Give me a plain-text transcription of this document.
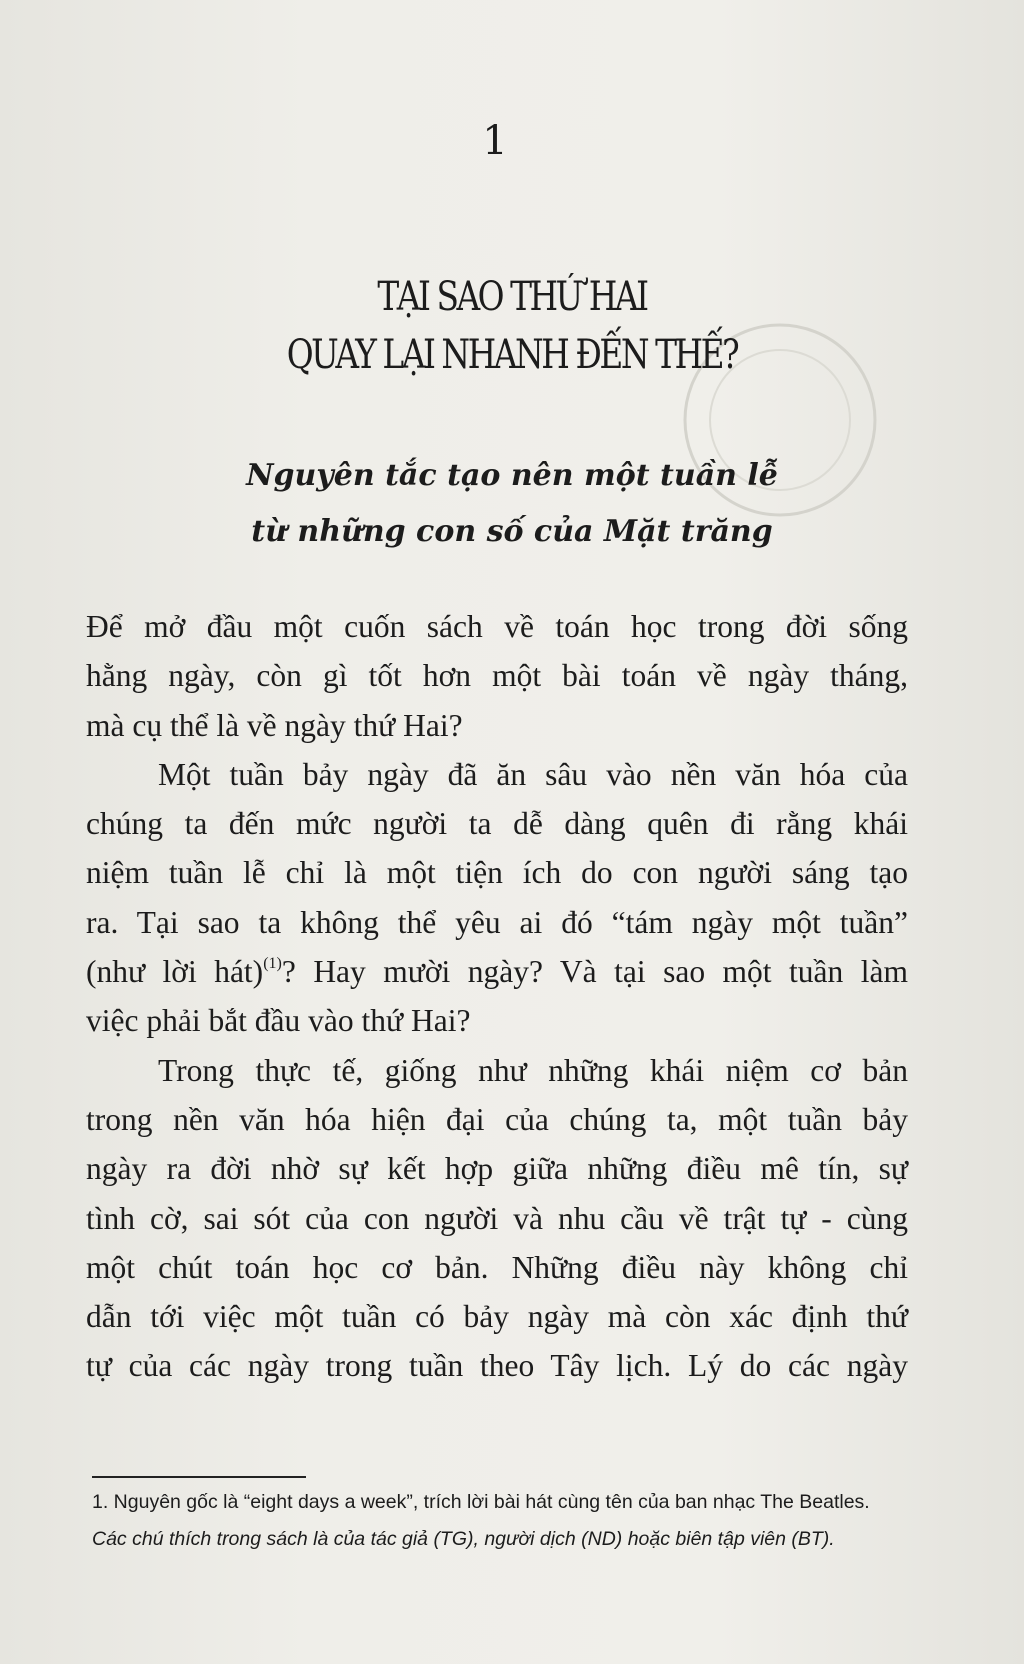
1
TẠI SAO THỨ HAI
QUAY LẠI NHANH ĐẾN THẾ?
Nguyên tắc tạo nên một tuần lễ
từ những con số của Mặt trăng
Để mở đầu một cuốn sách về toán học trong đời sống
hằng ngày, còn gì tốt hơn một bài toán về ngày tháng,
mà cụ thể là về ngày thứ Hai?
Một tuần bảy ngày đã ăn sâu vào nền văn hóa của
chúng ta đến mức người ta dễ dàng quên đi rằng khái
niệm tuần lễ chỉ là một tiện ích do con người sáng tạo
ra. Tại sao ta không thể yêu ai đó “tám ngày một tuần”
(như lời hát)$^{(1)}$? Hay mười ngày? Và tại sao một tuần làm
việc phải bắt đầu vào thứ Hai?
Trong thực tế, giống như những khái niệm cơ bản
trong nền văn hóa hiện đại của chúng ta, một tuần bảy
ngày ra đời nhờ sự kết hợp giữa những điều mê tín, sự
tình cờ, sai sót của con người và nhu cầu về trật tự - cùng
một chút toán học cơ bản. Những điều này không chỉ
dẫn tới việc một tuần có bảy ngày mà còn xác định thứ
tự của các ngày trong tuần theo Tây lịch. Lý do các ngày
1. Nguyên gốc là “eight days a week”, trích lời bài hát cùng tên của ban nhạc The Beatles.
Các chú thích trong sách là của tác giả (TG), người dịch (ND) hoặc biên tập viên (BT).
